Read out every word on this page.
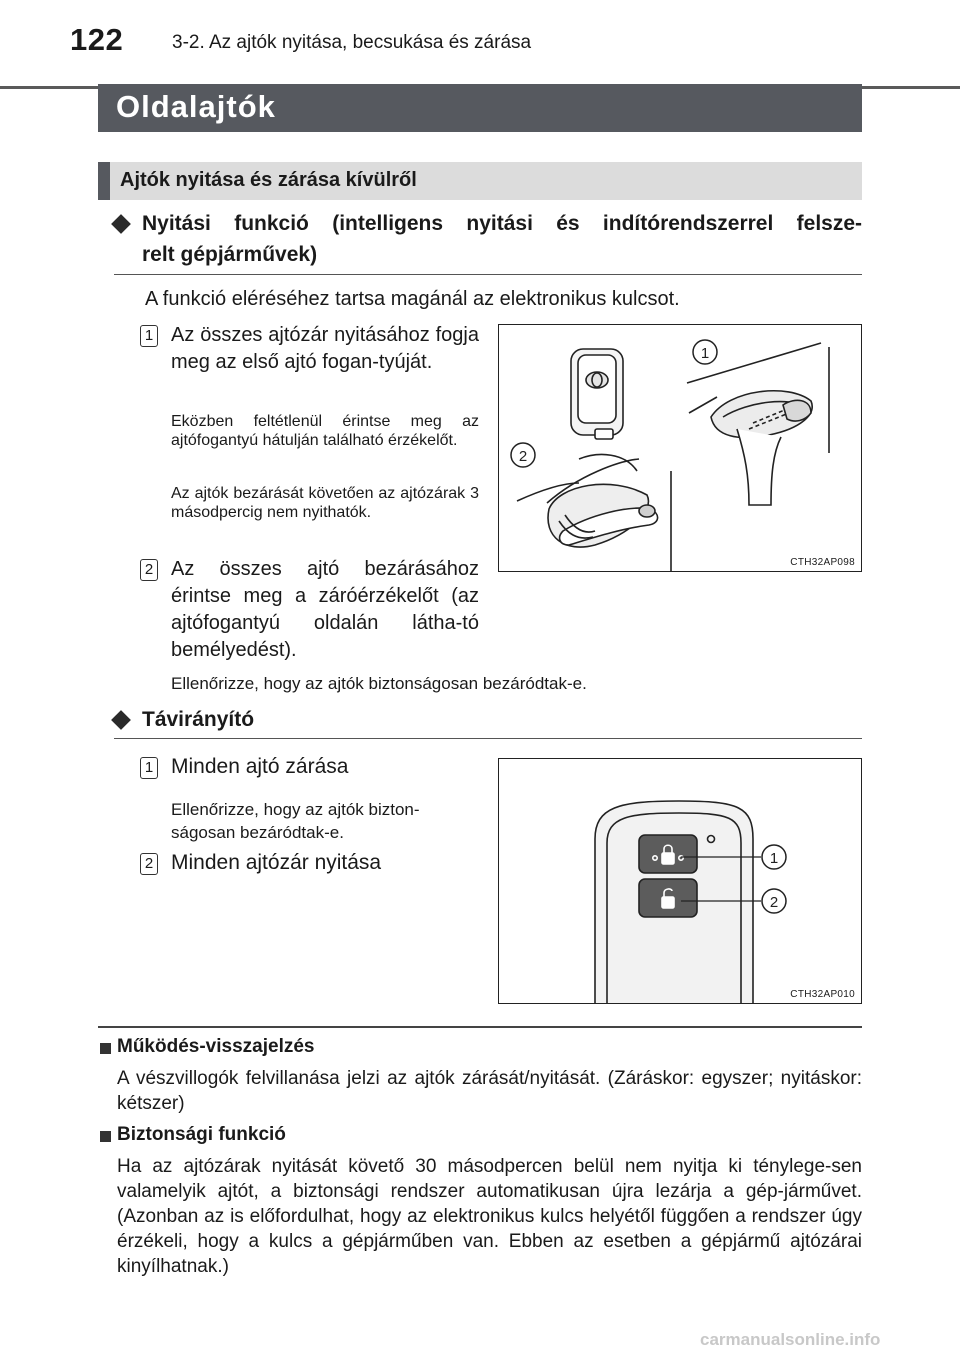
122	3-2. Az ajtók nyitása, becsukása és zárása
Oldalajtók
Ajtók nyitása és zárása kívülről
Nyitási funkció (intelligens nyitási és indítórendszerrel felsze-
relt gépjárművek)
A funkció eléréséhez tartsa magánál az elektronikus kulcsot.
1 Az összes ajtózár nyitásához fogja meg az első ajtó fogan-tyúját.
Eközben feltétlenül érintse meg az ajtófogantyú hátulján található érzékelőt.
Az ajtók bezárását követően az ajtózárak 3 másodpercig nem nyithatók.
2 Az összes ajtó bezárásához érintse meg a záróérzékelőt (az ajtófogantyú oldalán látha-tó bemélyedést).
Ellenőrizze, hogy az ajtók biztonságosan bezáródtak-e.
1
2
CTH32AP098
Távirányító
1 Minden ajtó zárása
Ellenőrizze, hogy az ajtók bizton-ságosan bezáródtak-e.
2 Minden ajtózár nyitása	1
2
CTH32AP010
Működés-visszajelzés
A vészvillogók felvillanása jelzi az ajtók zárását/nyitását. (Záráskor: egyszer; nyitáskor: kétszer)
Biztonsági funkció
Ha az ajtózárak nyitását követő 30 másodpercen belül nem nyitja ki ténylege-sen valamelyik ajtót, a biztonsági rendszer automatikusan újra lezárja a gép-járművet. (Azonban az is előfordulhat, hogy az elektronikus kulcs helyétől függően a rendszer úgy érzékeli, hogy a kulcs a gépjárműben van. Ebben az esetben a gépjármű ajtózárai kinyílhatnak.)
carmanualsonline.info
